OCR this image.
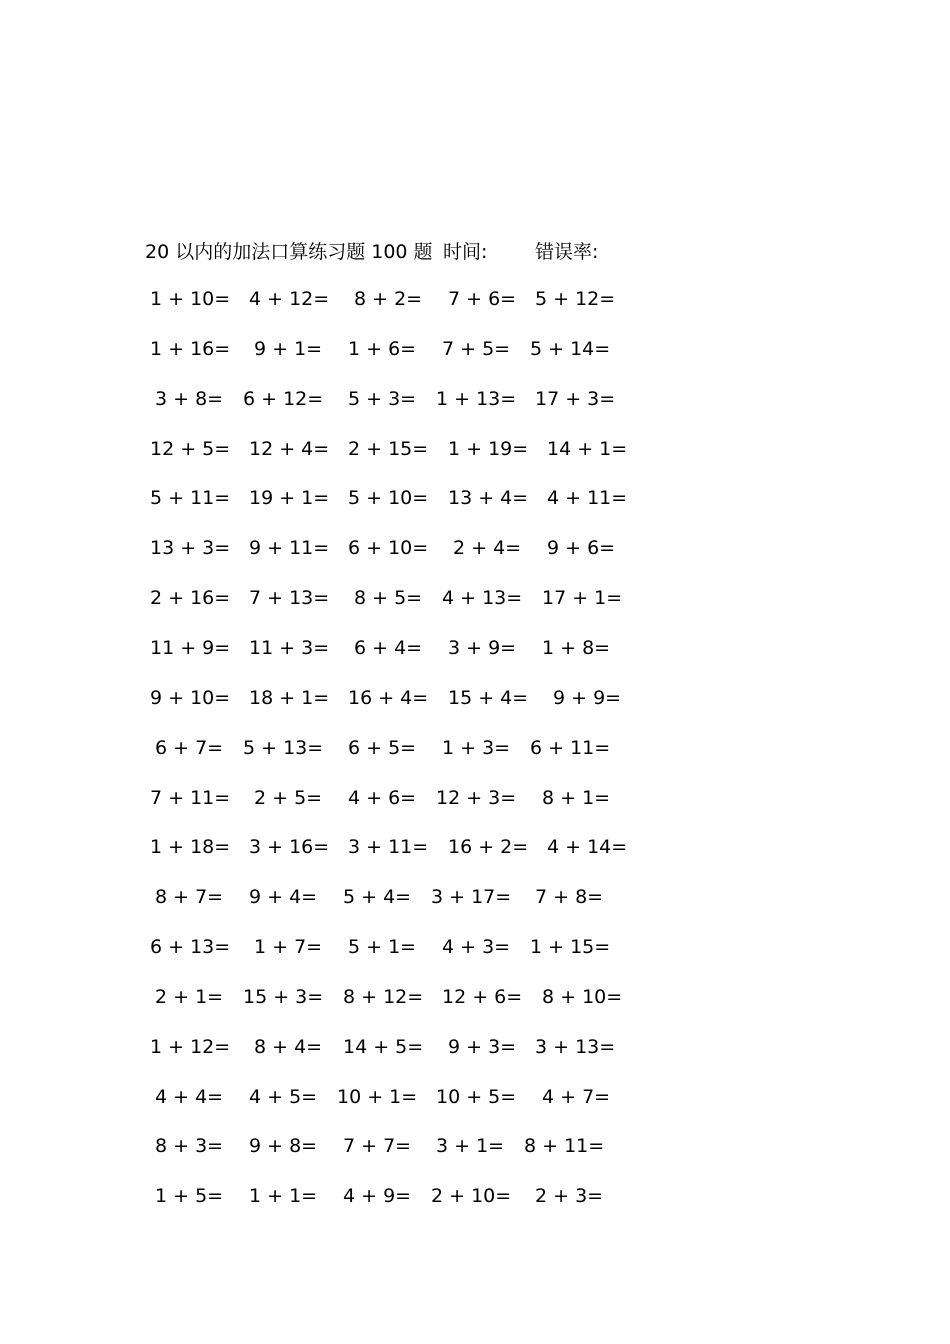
20 以内的加法口算练习题 100 题 时间:	错误率:
1 + 10= 4 + 12= 8 + 2= 7 + 6= 5 + 12=
1 + 16= 9 + 1= 1 + 6= 7 + 5= 5 + 14=
3 + 8= 6 + 12= 5 + 3= 1 + 13= 17 + 3=
12 + 5= 12 + 4= 2 + 15= 1 + 19= 14 + 1=
5 + 11= 19 + 1= 5 + 10= 13 + 4= 4 + 11=
13 + 3= 9 + 11= 6 + 10= 2 + 4= 9 + 6=
2 + 16= 7 + 13= 8 + 5= 4 + 13= 17 + 1=
11 + 9= 11 + 3= 6 + 4= 3 + 9= 1 + 8=
9 + 10= 18 + 1= 16 + 4= 15 + 4= 9 + 9=
6 + 7= 5 + 13= 6 + 5= 1 + 3= 6 + 11=
7 + 11= 2 + 5= 4 + 6= 12 + 3= 8 + 1=
1 + 18= 3 + 16= 3 + 11= 16 + 2= 4 + 14=
8 + 7= 9 + 4= 5 + 4= 3 + 17= 7 + 8=
6 + 13= 1 + 7= 5 + 1= 4 + 3= 1 + 15=
2 + 1= 15 + 3= 8 + 12= 12 + 6= 8 + 10=
1 + 12= 8 + 4= 14 + 5= 9 + 3= 3 + 13=
4 + 4= 4 + 5= 10 + 1= 10 + 5= 4 + 7=
8 + 3= 9 + 8= 7 + 7= 3 + 1= 8 + 11=
1 + 5= 1 + 1= 4 + 9= 2 + 10= 2 + 3=
